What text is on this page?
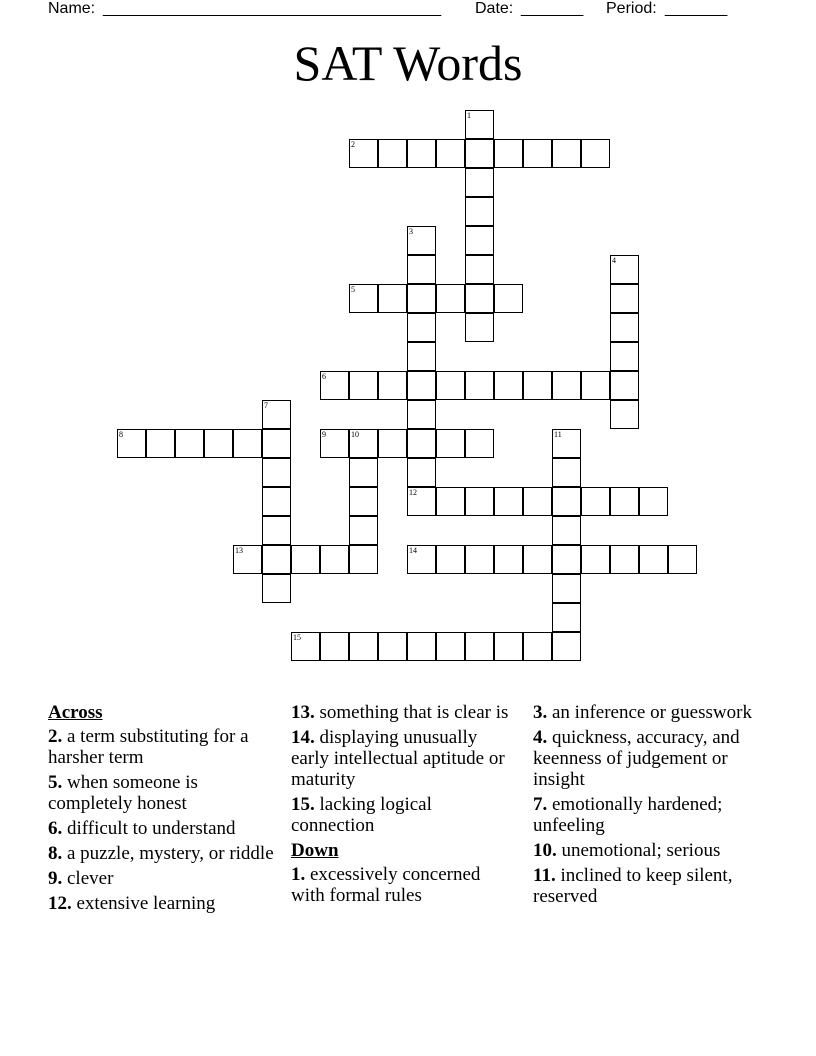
Name: ______________________________________ Date: _______ Period: _______
SAT Words
1
2
3
4
5
6
7
8	9	10	11
12
13	14
15
Across
2. a term substituting for a harsher term
5. when someone is completely honest
6. difficult to understand
8. a puzzle, mystery, or riddle
9. clever
12. extensive learning
13. something that is clear is
14. displaying unusually early intellectual aptitude or maturity
15. lacking logical connection
Down
1. excessively concerned with formal rules
3. an inference or guesswork
4. quickness, accuracy, and keenness of judgement or insight
7. emotionally hardened; unfeeling
10. unemotional; serious
11. inclined to keep silent, reserved
